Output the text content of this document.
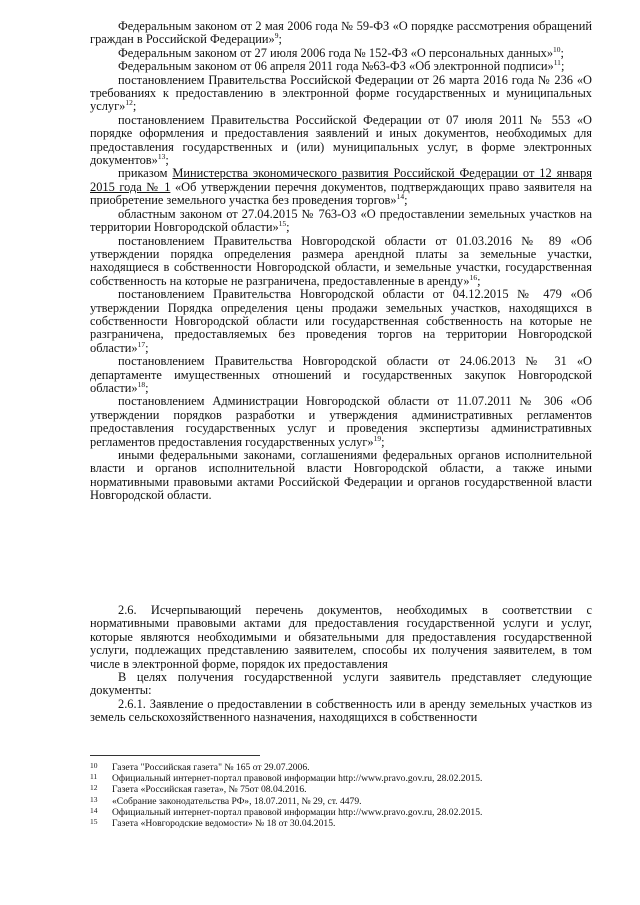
Федеральным законом от 2 мая 2006 года № 59-ФЗ «О порядке рассмотрения обращений граждан в Российской Федерации»$^9$;

Федеральным законом от 27 июля 2006 года № 152-ФЗ «О персональных данных»$^{10}$;

Федеральным законом от 06 апреля 2011 года №63-ФЗ «Об электронной подписи»$^{11}$;

постановлением Правительства Российской Федерации от 26 марта 2016 года № 236 «О требованиях к предоставлению в электронной форме государственных и муниципальных услуг»$^{12}$;

постановлением Правительства Российской Федерации от 07 июля 2011 № 553 «О порядке оформления и предоставления заявлений и иных документов, необходимых для предоставления государственных и (или) муниципальных услуг, в форме электронных документов»$^{13}$;

приказом Министерства экономического развития Российской Федерации от 12 января 2015 года № 1 «Об утверждении перечня документов, подтверждающих право заявителя на приобретение земельного участка без проведения торгов»$^{14}$;

областным законом от 27.04.2015 № 763-ОЗ «О предоставлении земельных участков на территории Новгородской области»$^{15}$;

постановлением Правительства Новгородской области от 01.03.2016 № 89 «Об утверждении порядка определения размера арендной платы за земельные участки, находящиеся в собственности Новгородской области, и земельные участки, государственная собственность на которые не разграничена, предоставленные в аренду»$^{16}$;

постановлением Правительства Новгородской области от 04.12.2015 № 479 «Об утверждении Порядка определения цены продажи земельных участков, находящихся в собственности Новгородской области или государственная собственность на которые не разграничена, предоставляемых без проведения торгов на территории Новгородской области»$^{17}$;

постановлением Правительства Новгородской области от 24.06.2013 № 31 «О департаменте имущественных отношений и государственных закупок Новгородской области»$^{18}$;

постановлением Администрации Новгородской области от 11.07.2011 № 306 «Об утверждении порядков разработки и утверждения административных регламентов предоставления государственных услуг и проведения экспертизы административных регламентов предоставления государственных услуг»$^{19}$;

иными федеральными законами, соглашениями федеральных органов исполнительной власти и органов исполнительной власти Новгородской области, а также иными нормативными правовыми актами Российской Федерации и органов государственной власти Новгородской области.

2.6. Исчерпывающий перечень документов, необходимых в соответствии с нормативными правовыми актами для предоставления государственной услуги и услуг, которые являются необходимыми и обязательными для предоставления государственной услуги, подлежащих представлению заявителем, способы их получения заявителем, в том числе в электронной форме, порядок их предоставления

В целях получения государственной услуги заявитель представляет следующие документы:

2.6.1. Заявление о предоставлении в собственность или в аренду земельных участков из земель сельскохозяйственного назначения, находящихся в собственности

10	Газета "Российская газета" № 165 от 29.07.2006.
11	Официальный интернет-портал правовой информации http://www.pravo.gov.ru, 28.02.2015.
12	Газета «Российская газета», № 75от 08.04.2016.
13	«Собрание законодательства РФ», 18.07.2011, № 29, ст. 4479.
14	Официальный интернет-портал правовой информации http://www.pravo.gov.ru, 28.02.2015.
15	Газета «Новгородские ведомости» № 18 от 30.04.2015.
